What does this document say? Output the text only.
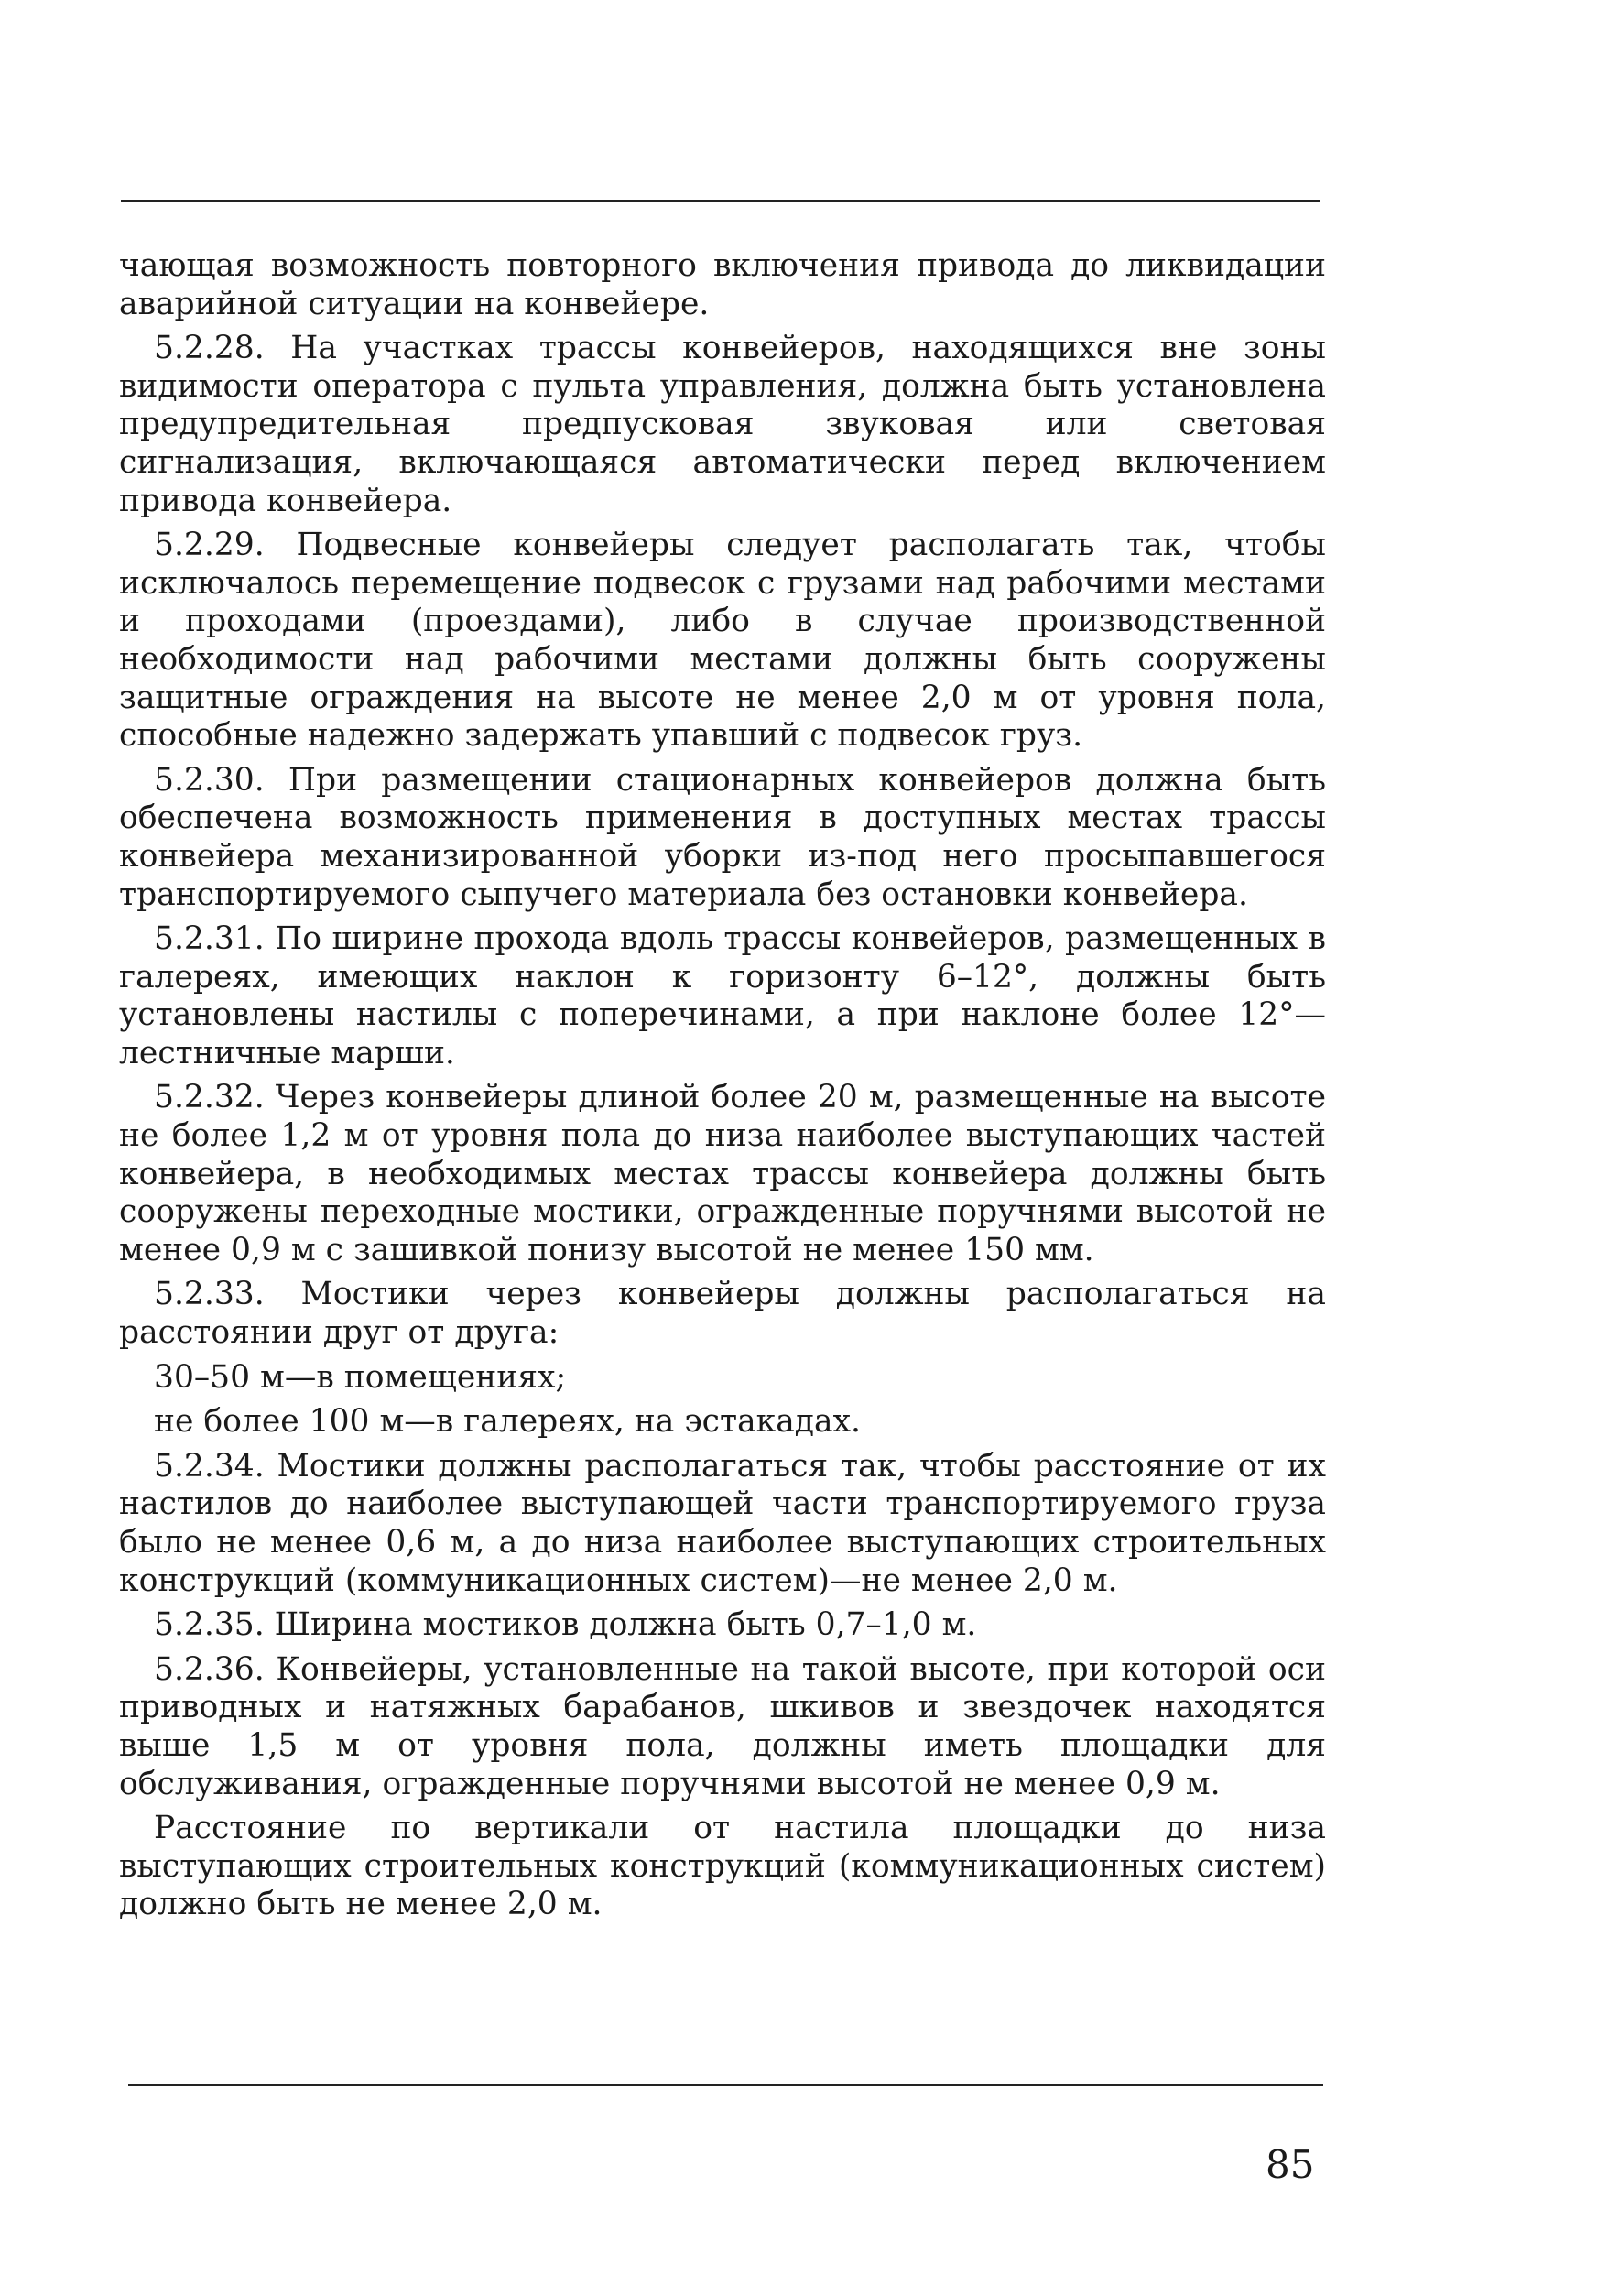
чающая возможность повторного включения привода до ликвидации аварийной ситуации на конвейере.

5.2.28. На участках трассы конвейеров, находящихся вне зоны видимости оператора с пульта управления, должна быть установлена предупредительная предпусковая звуковая или световая сигнализация, включающаяся автоматически перед включением привода конвейера.

5.2.29. Подвесные конвейеры следует располагать так, чтобы исключалось перемещение подвесок с грузами над рабочими местами и проходами (проездами), либо в случае производственной необходимости над рабочими местами должны быть сооружены защитные ограждения на высоте не менее 2,0 м от уровня пола, способные надежно задержать упавший с подвесок груз.

5.2.30. При размещении стационарных конвейеров должна быть обеспечена возможность применения в доступных местах трассы конвейера механизированной уборки из-под него просыпавшегося транспортируемого сыпучего материала без остановки конвейера.

5.2.31. По ширине прохода вдоль трассы конвейеров, размещенных в галереях, имеющих наклон к горизонту 6–12°, должны быть установлены настилы с поперечинами, а при наклоне более 12°—лестничные марши.

5.2.32. Через конвейеры длиной более 20 м, размещенные на высоте не более 1,2 м от уровня пола до низа наиболее выступающих частей конвейера, в необходимых местах трассы конвейера должны быть сооружены переходные мостики, огражденные поручнями высотой не менее 0,9 м с зашивкой понизу высотой не менее 150 мм.

5.2.33. Мостики через конвейеры должны располагаться на расстоянии друг от друга:

30–50 м—в помещениях;

не более 100 м—в галереях, на эстакадах.

5.2.34. Мостики должны располагаться так, чтобы расстояние от их настилов до наиболее выступающей части транспортируемого груза было не менее 0,6 м, а до низа наиболее выступающих строительных конструкций (коммуникационных систем)—не менее 2,0 м.

5.2.35. Ширина мостиков должна быть 0,7–1,0 м.

5.2.36. Конвейеры, установленные на такой высоте, при которой оси приводных и натяжных барабанов, шкивов и звездочек находятся выше 1,5 м от уровня пола, должны иметь площадки для обслуживания, огражденные поручнями высотой не менее 0,9 м.

Расстояние по вертикали от настила площадки до низа выступающих строительных конструкций (коммуникационных систем) должно быть не менее 2,0 м.

85
